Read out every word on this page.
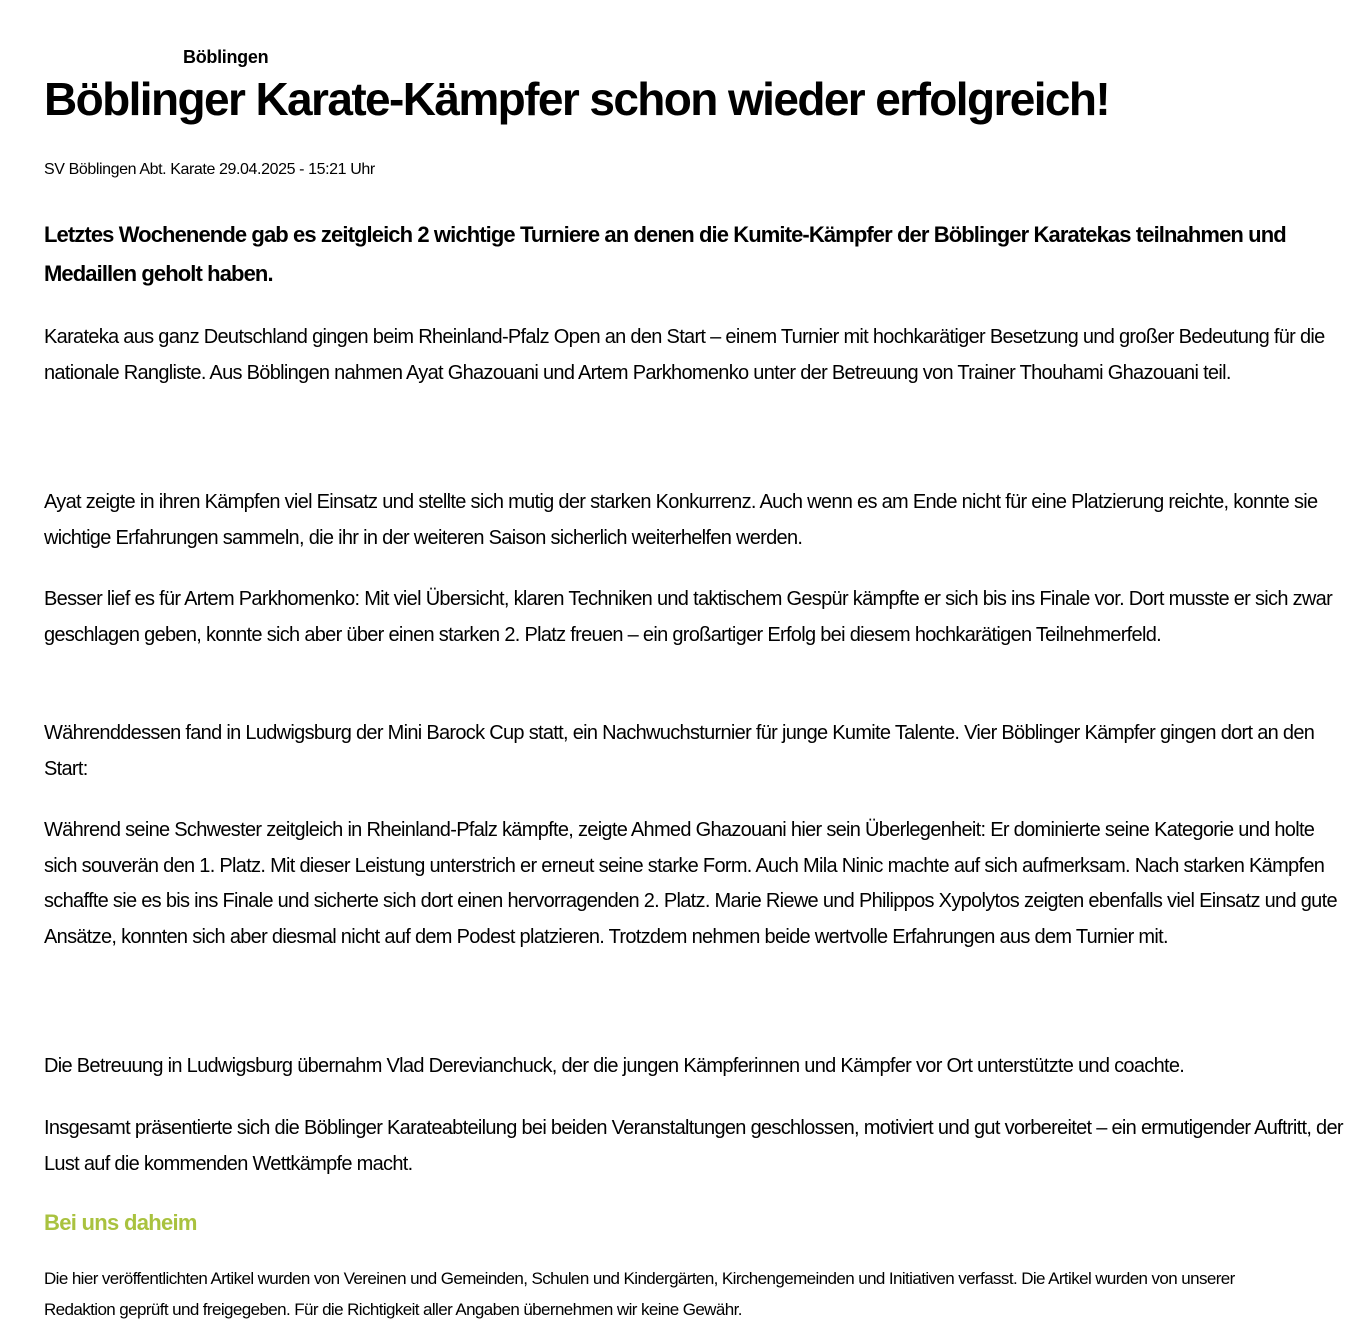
Böblingen
Böblinger Karate-Kämpfer schon wieder erfolgreich!
SV Böblingen Abt. Karate 29.04.2025 - 15:21 Uhr

Letztes Wochenende gab es zeitgleich 2 wichtige Turniere an denen die Kumite-Kämpfer der Böblinger Karatekas teilnahmen und Medaillen geholt haben.

Karateka aus ganz Deutschland gingen beim Rheinland-Pfalz Open an den Start – einem Turnier mit hochkarätiger Besetzung und großer Bedeutung für die nationale Rangliste. Aus Böblingen nahmen Ayat Ghazouani und Artem Parkhomenko unter der Betreuung von Trainer Thouhami Ghazouani teil.

Ayat zeigte in ihren Kämpfen viel Einsatz und stellte sich mutig der starken Konkurrenz. Auch wenn es am Ende nicht für eine Platzierung reichte, konnte sie wichtige Erfahrungen sammeln, die ihr in der weiteren Saison sicherlich weiterhelfen werden.

Besser lief es für Artem Parkhomenko: Mit viel Übersicht, klaren Techniken und taktischem Gespür kämpfte er sich bis ins Finale vor. Dort musste er sich zwar geschlagen geben, konnte sich aber über einen starken 2. Platz freuen – ein großartiger Erfolg bei diesem hochkarätigen Teilnehmerfeld.

Währenddessen fand in Ludwigsburg der Mini Barock Cup statt, ein Nachwuchsturnier für junge Kumite Talente. Vier Böblinger Kämpfer gingen dort an den Start:

Während seine Schwester zeitgleich in Rheinland-Pfalz kämpfte, zeigte Ahmed Ghazouani hier sein Überlegenheit: Er dominierte seine Kategorie und holte sich souverän den 1. Platz. Mit dieser Leistung unterstrich er erneut seine starke Form. Auch Mila Ninic machte auf sich aufmerksam. Nach starken Kämpfen schaffte sie es bis ins Finale und sicherte sich dort einen hervorragenden 2. Platz. Marie Riewe und Philippos Xypolytos zeigten ebenfalls viel Einsatz und gute Ansätze, konnten sich aber diesmal nicht auf dem Podest platzieren. Trotzdem nehmen beide wertvolle Erfahrungen aus dem Turnier mit.

Die Betreuung in Ludwigsburg übernahm Vlad Derevianchuck, der die jungen Kämpferinnen und Kämpfer vor Ort unterstützte und coachte.

Insgesamt präsentierte sich die Böblinger Karateabteilung bei beiden Veranstaltungen geschlossen, motiviert und gut vorbereitet – ein ermutigender Auftritt, der Lust auf die kommenden Wettkämpfe macht.

Bei uns daheim

Die hier veröffentlichten Artikel wurden von Vereinen und Gemeinden, Schulen und Kindergärten, Kirchengemeinden und Initiativen verfasst. Die Artikel wurden von unserer Redaktion geprüft und freigegeben. Für die Richtigkeit aller Angaben übernehmen wir keine Gewähr.
